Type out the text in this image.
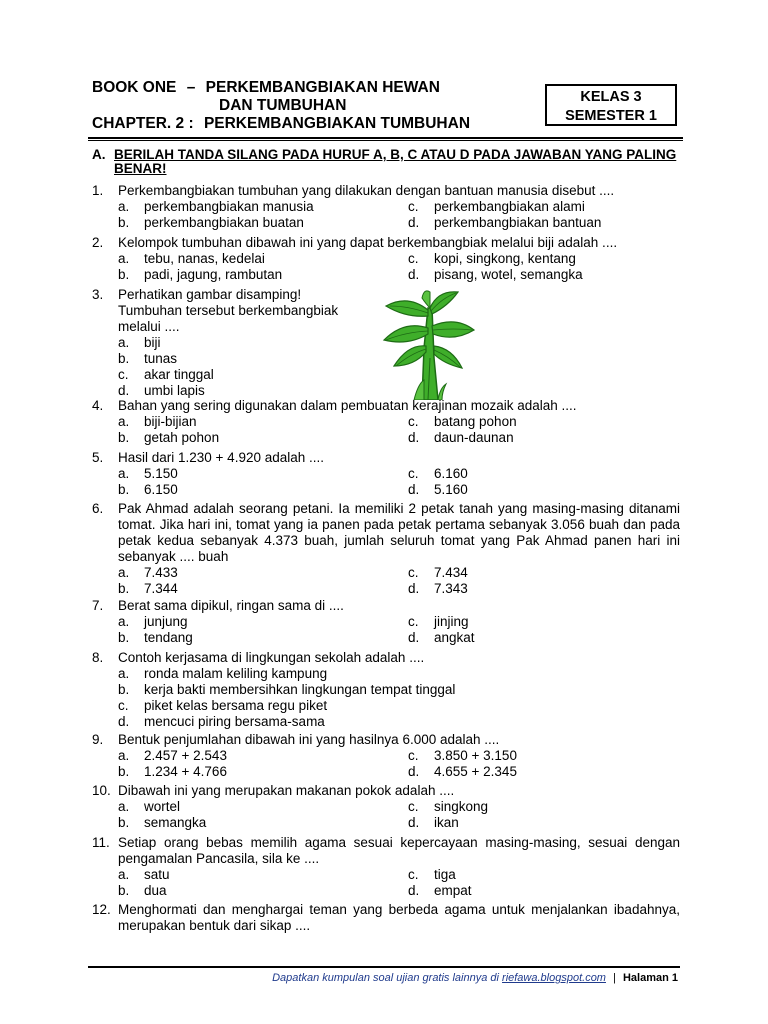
BOOK ONE – PERKEMBANGBIAKAN HEWAN
DAN TUMBUHAN
CHAPTER. 2 : PERKEMBANGBIAKAN TUMBUHAN
KELAS 3
SEMESTER 1
A. BERILAH TANDA SILANG PADA HURUF A, B, C ATAU D PADA JAWABAN YANG PALING BENAR!
1.	Perkembangbiakan tumbuhan yang dilakukan dengan bantuan manusia disebut ....
a. perkembangbiakan manusia	c. perkembangbiakan alami
b. perkembangbiakan buatan	d. perkembangbiakan bantuan
2.	Kelompok tumbuhan dibawah ini yang dapat berkembangbiak melalui biji adalah ....
a. tebu, nanas, kedelai	c. kopi, singkong, kentang
b. padi, jagung, rambutan	d. pisang, wotel, semangka
3.	Perhatikan gambar disamping!
Tumbuhan tersebut berkembangbiak
melalui ....
a. biji
b. tunas
c. akar tinggal
d. umbi lapis
4.	Bahan yang sering digunakan dalam pembuatan kerajinan mozaik adalah ....
a. biji-bijian	c. batang pohon
b. getah pohon	d. daun-daunan
5.	Hasil dari 1.230 + 4.920 adalah ....
a. 5.150	c. 6.160
b. 6.150	d. 5.160
6.	Pak Ahmad adalah seorang petani. Ia memiliki 2 petak tanah yang masing-masing ditanami tomat. Jika hari ini, tomat yang ia panen pada petak pertama sebanyak 3.056 buah dan pada petak kedua sebanyak 4.373 buah, jumlah seluruh tomat yang Pak Ahmad panen hari ini sebanyak .... buah
a. 7.433	c. 7.434
b. 7.344	d. 7.343
7.	Berat sama dipikul, ringan sama di ....
a. junjung	c. jinjing
b. tendang	d. angkat
8.	Contoh kerjasama di lingkungan sekolah adalah ....
a. ronda malam keliling kampung
b. kerja bakti membersihkan lingkungan tempat tinggal
c. piket kelas bersama regu piket
d. mencuci piring bersama-sama
9.	Bentuk penjumlahan dibawah ini yang hasilnya 6.000 adalah ....
a. 2.457 + 2.543	c. 3.850 + 3.150
b. 1.234 + 4.766	d. 4.655 + 2.345
10. Dibawah ini yang merupakan makanan pokok adalah ....
a. wortel	c. singkong
b. semangka	d. ikan
11. Setiap orang bebas memilih agama sesuai kepercayaan masing-masing, sesuai dengan pengamalan Pancasila, sila ke ....
a. satu	c. tiga
b. dua	d. empat
12. Menghormati dan menghargai teman yang berbeda agama untuk menjalankan ibadahnya, merupakan bentuk dari sikap ....
Dapatkan kumpulan soal ujian gratis lainnya di riefawa.blogspot.com | Halaman 1
